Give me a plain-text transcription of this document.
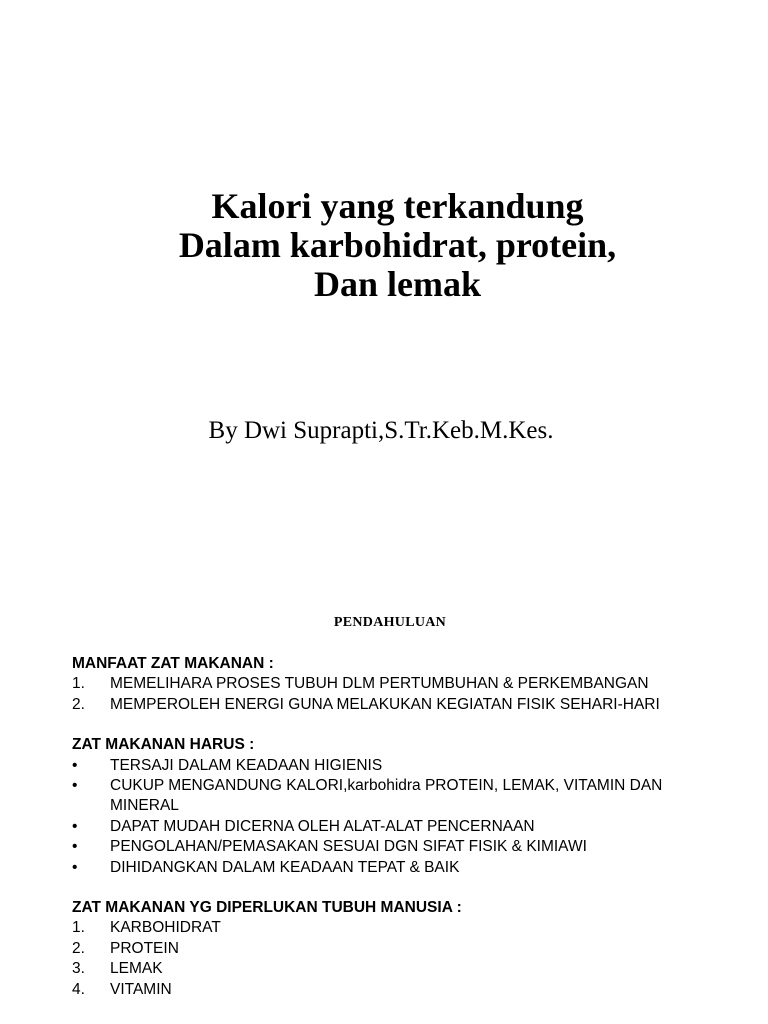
Kalori yang terkandung
Dalam karbohidrat, protein,
Dan lemak
By Dwi Suprapti,S.Tr.Keb.M.Kes.
PENDAHULUAN

MANFAAT ZAT MAKANAN :

1.	MEMELIHARA PROSES TUBUH DLM PERTUMBUHAN & PERKEMBANGAN
2.	MEMPEROLEH ENERGI GUNA MELAKUKAN KEGIATAN FISIK SEHARI-HARI

ZAT MAKANAN HARUS :

•	TERSAJI DALAM KEADAAN HIGIENIS
•	CUKUP MENGANDUNG KALORI,karbohidra PROTEIN, LEMAK, VITAMIN DAN MINERAL
•	DAPAT MUDAH DICERNA OLEH ALAT-ALAT PENCERNAAN
•	PENGOLAHAN/PEMASAKAN SESUAI DGN SIFAT FISIK & KIMIAWI
•	DIHIDANGKAN DALAM KEADAAN TEPAT & BAIK

ZAT MAKANAN YG DIPERLUKAN TUBUH MANUSIA :

1.	KARBOHIDRAT
2.	PROTEIN
3.	LEMAK
4.	VITAMIN
